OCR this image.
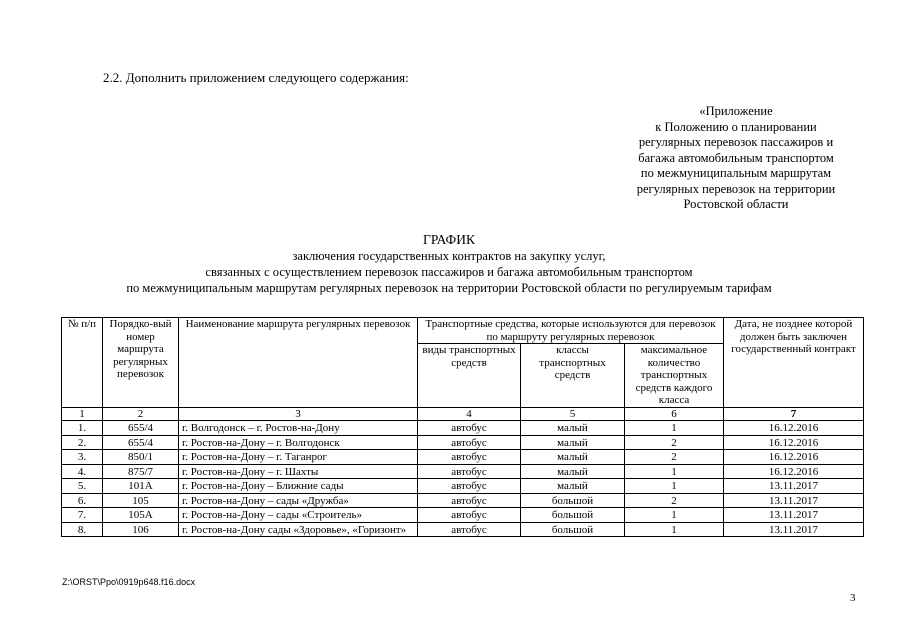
2.2. Дополнить приложением следующего содержания:
«Приложение
к Положению о планировании
регулярных перевозок пассажиров и
багажа автомобильным транспортом
по межмуниципальным маршрутам
регулярных перевозок на территории
Ростовской области
ГРАФИК
заключения государственных контрактов на закупку услуг,
связанных с осуществлением перевозок пассажиров и багажа автомобильным транспортом
по межмуниципальным маршрутам регулярных перевозок на территории Ростовской области по регулируемым тарифам
№ п/п	Порядко-вый номер маршрута регулярных перевозок	Наименование маршрута регулярных перевозок	Транспортные средства, которые используются для перевозок по маршруту регулярных перевозок			Дата, не позднее которой должен быть заключен государственный контракт
			виды транспортных средств	классы транспортных средств	максимальное количество транспортных средств каждого класса	
1	2	3	4	5	6	7
1.	655/4	г. Волгодонск – г. Ростов-на-Дону	автобус	малый	1	16.12.2016
2.	655/4	г. Ростов-на-Дону – г. Волгодонск	автобус	малый	2	16.12.2016
3.	850/1	г. Ростов-на-Дону – г. Таганрог	автобус	малый	2	16.12.2016
4.	875/7	г. Ростов-на-Дону – г. Шахты	автобус	малый	1	16.12.2016
5.	101А	г. Ростов-на-Дону – Ближние сады	автобус	малый	1	13.11.2017
6.	105	г. Ростов-на-Дону – сады «Дружба»	автобус	большой	2	13.11.2017
7.	105А	г. Ростов-на-Дону – сады «Строитель»	автобус	большой	1	13.11.2017
8.	106	г. Ростов-на-Дону сады «Здоровье», «Горизонт»	автобус	большой	1	13.11.2017
Z:\ORST\Ppo\0919p648.f16.docx
3
